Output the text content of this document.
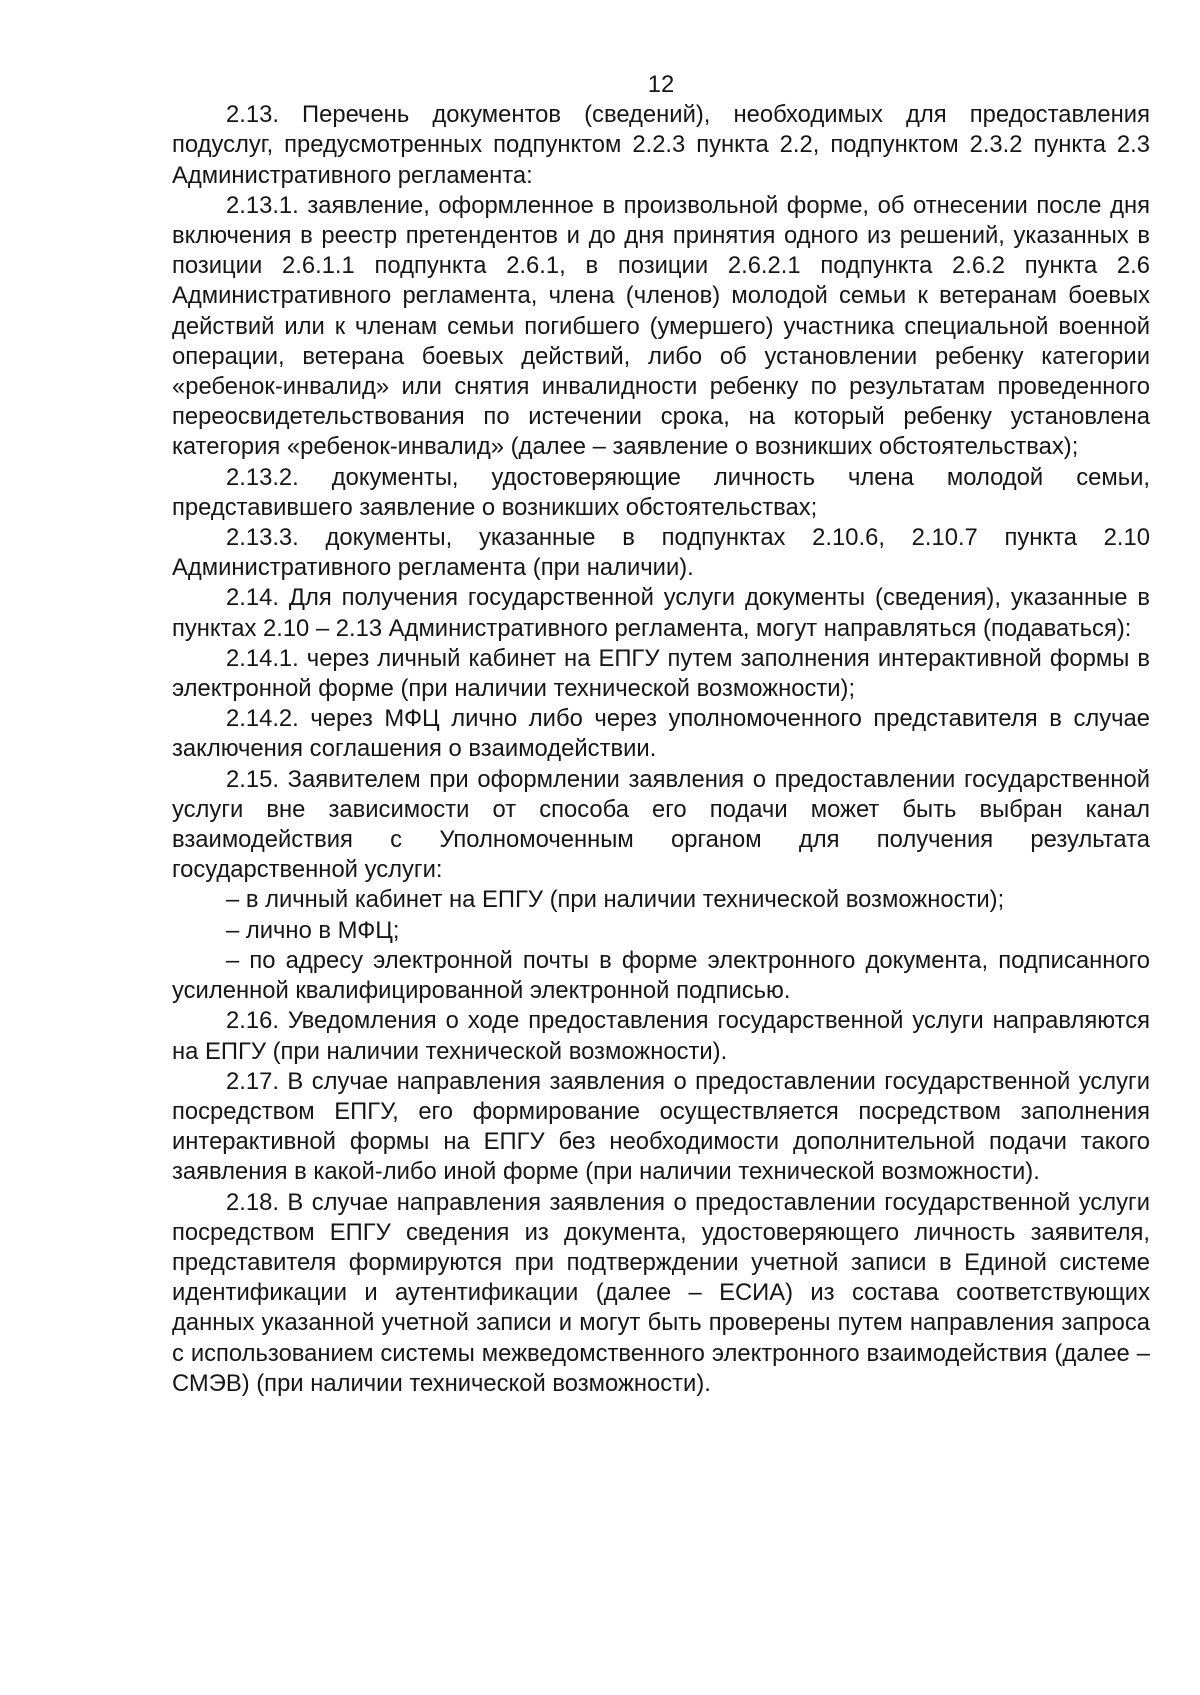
12

2.13. Перечень документов (сведений), необходимых для предоставления подуслуг, предусмотренных подпунктом 2.2.3 пункта 2.2, подпунктом 2.3.2 пункта 2.3 Административного регламента:

2.13.1. заявление, оформленное в произвольной форме, об отнесении после дня включения в реестр претендентов и до дня принятия одного из решений, указанных в позиции 2.6.1.1 подпункта 2.6.1, в позиции 2.6.2.1 подпункта 2.6.2 пункта 2.6 Административного регламента, члена (членов) молодой семьи к ветеранам боевых действий или к членам семьи погибшего (умершего) участника специальной военной операции, ветерана боевых действий, либо об установлении ребенку категории «ребенок-инвалид» или снятия инвалидности ребенку по результатам проведенного переосвидетельствования по истечении срока, на который ребенку установлена категория «ребенок-инвалид» (далее – заявление о возникших обстоятельствах);

2.13.2. документы, удостоверяющие личность члена молодой семьи, представившего заявление о возникших обстоятельствах;

2.13.3. документы, указанные в подпунктах 2.10.6, 2.10.7 пункта 2.10 Административного регламента (при наличии).

2.14. Для получения государственной услуги документы (сведения), указанные в пунктах 2.10 – 2.13 Административного регламента, могут направляться (подаваться):

2.14.1. через личный кабинет на ЕПГУ путем заполнения интерактивной формы в электронной форме (при наличии технической возможности);

2.14.2. через МФЦ лично либо через уполномоченного представителя в случае заключения соглашения о взаимодействии.

2.15. Заявителем при оформлении заявления о предоставлении государственной услуги вне зависимости от способа его подачи может быть выбран канал взаимодействия с Уполномоченным органом для получения результата государственной услуги:

– в личный кабинет на ЕПГУ (при наличии технической возможности);

– лично в МФЦ;

– по адресу электронной почты в форме электронного документа, подписанного усиленной квалифицированной электронной подписью.

2.16. Уведомления о ходе предоставления государственной услуги направляются на ЕПГУ (при наличии технической возможности).

2.17. В случае направления заявления о предоставлении государственной услуги посредством ЕПГУ, его формирование осуществляется посредством заполнения интерактивной формы на ЕПГУ без необходимости дополнительной подачи такого заявления в какой-либо иной форме (при наличии технической возможности).

2.18. В случае направления заявления о предоставлении государственной услуги посредством ЕПГУ сведения из документа, удостоверяющего личность заявителя, представителя формируются при подтверждении учетной записи в Единой системе идентификации и аутентификации (далее – ЕСИА) из состава соответствующих данных указанной учетной записи и могут быть проверены путем направления запроса с использованием системы межведомственного электронного взаимодействия (далее – СМЭВ) (при наличии технической возможности).
